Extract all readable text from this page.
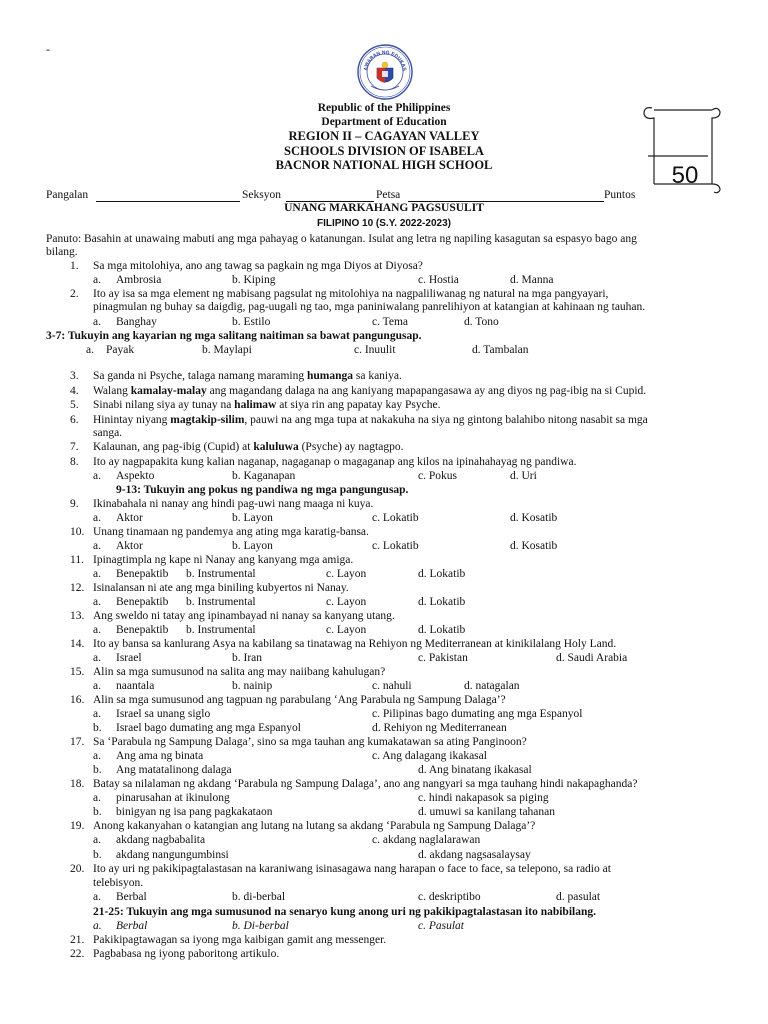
-
AWARAN NG EDUKAS
Republic of the Philippines
Department of Education
REGION II – CAGAYAN VALLEY
SCHOOLS DIVISION OF ISABELA
BACNOR NATIONAL HIGH SCHOOL	50
Pangalan	Seksyon	Petsa	Puntos
UNANG MARKAHANG PAGSUSULIT
FILIPINO 10 (S.Y. 2022-2023)
Panuto: Basahin at unawaing mabuti ang mga pahayag o katanungan. Isulat ang letra ng napiling kasagutan sa espasyo bago ang
bilang.
1. Sa mga mitolohiya, ano ang tawag sa pagkain ng mga Diyos at Diyosa?
a. Ambrosia	b. Kiping	c. Hostia	d. Manna
2. Ito ay isa sa mga element ng mabisang pagsulat ng mitolohiya na nagpaliliwanag ng natural na mga pangyayari,
pinagmulan ng buhay sa daigdig, pag-uugali ng tao, mga paniniwalang panrelihiyon at katangian at kahinaan ng tauhan.
a. Banghay	b. Estilo	c. Tema	d. Tono
3-7: Tukuyin ang kayarian ng mga salitang naitiman sa bawat pangungusap.
a. Payak	b. Maylapi	c. Inuulit	d. Tambalan
3. Sa ganda ni Psyche, talaga namang maraming humanga sa kaniya.
4. Walang kamalay-malay ang magandang dalaga na ang kaniyang mapapangasawa ay ang diyos ng pag-ibig na si Cupid.
5. Sinabi nilang siya ay tunay na halimaw at siya rin ang papatay kay Psyche.
6. Hinintay niyang magtakip-silim, pauwi na ang mga tupa at nakakuha na siya ng gintong balahibo nitong nasabit sa mga
sanga.
7. Kalaunan, ang pag-ibig (Cupid) at kaluluwa (Psyche) ay nagtagpo.
8. Ito ay nagpapakita kung kalian naganap, nagaganap o magaganap ang kilos na ipinahahayag ng pandiwa.
a. Aspekto	b. Kaganapan	c. Pokus	d. Uri
9-13: Tukuyin ang pokus ng pandiwa ng mga pangungusap.
9. Ikinabahala ni nanay ang hindi pag-uwi nang maaga ni kuya.
a. Aktor	b. Layon	c. Lokatib	d. Kosatib
10. Unang tinamaan ng pandemya ang ating mga karatig-bansa.
a. Aktor	b. Layon	c. Lokatib	d. Kosatib
11. Ipinagtimpla ng kape ni Nanay ang kanyang mga amiga.
a. Benepaktib b. Instrumental	c. Layon	d. Lokatib
12. Isinalansan ni ate ang mga biniling kubyertos ni Nanay.
a. Benepaktib b. Instrumental	c. Layon	d. Lokatib
13. Ang sweldo ni tatay ang ipinambayad ni nanay sa kanyang utang.
a. Benepaktib b. Instrumental	c. Layon	d. Lokatib
14. Ito ay bansa sa kanlurang Asya na kabilang sa tinatawag na Rehiyon ng Mediterranean at kinikilalang Holy Land.
a. Israel	b. Iran	c. Pakistan	d. Saudi Arabia
15. Alin sa mga sumusunod na salita ang may naiibang kahulugan?
a. naantala	b. nainip	c. nahuli	d. natagalan
16. Alin sa mga sumusunod ang tagpuan ng parabulang ‘Ang Parabula ng Sampung Dalaga’?
a. Israel sa unang siglo	c. Pilipinas bago dumating ang mga Espanyol
b. Israel bago dumating ang mga Espanyol	d. Rehiyon ng Mediterranean
17. Sa ‘Parabula ng Sampung Dalaga’, sino sa mga tauhan ang kumakatawan sa ating Panginoon?
a. Ang ama ng binata	c. Ang dalagang ikakasal
b. Ang matatalinong dalaga	d. Ang binatang ikakasal
18. Batay sa nilalaman ng akdang ‘Parabula ng Sampung Dalaga’, ano ang nangyari sa mga tauhang hindi nakapaghanda?
a. pinarusahan at ikinulong	c. hindi nakapasok sa piging
b. binigyan ng isa pang pagkakataon	d. umuwi sa kanilang tahanan
19. Anong kakanyahan o katangian ang lutang na lutang sa akdang ‘Parabula ng Sampung Dalaga’?
a. akdang nagbabalita	c. akdang naglalarawan
b. akdang nangungumbinsi	d. akdang nagsasalaysay
20. Ito ay uri ng pakikipagtalastasan na karaniwang isinasagawa nang harapan o face to face, sa telepono, sa radio at
telebisyon.
a. Berbal	b. di-berbal	c. deskriptibo	d. pasulat
21-25: Tukuyin ang mga sumusunod na senaryo kung anong uri ng pakikipagtalastasan ito nabibilang.
a. Berbal	b. Di-berbal	c. Pasulat
21. Pakikipagtawagan sa iyong mga kaibigan gamit ang messenger.
22. Pagbabasa ng iyong paboritong artikulo.
